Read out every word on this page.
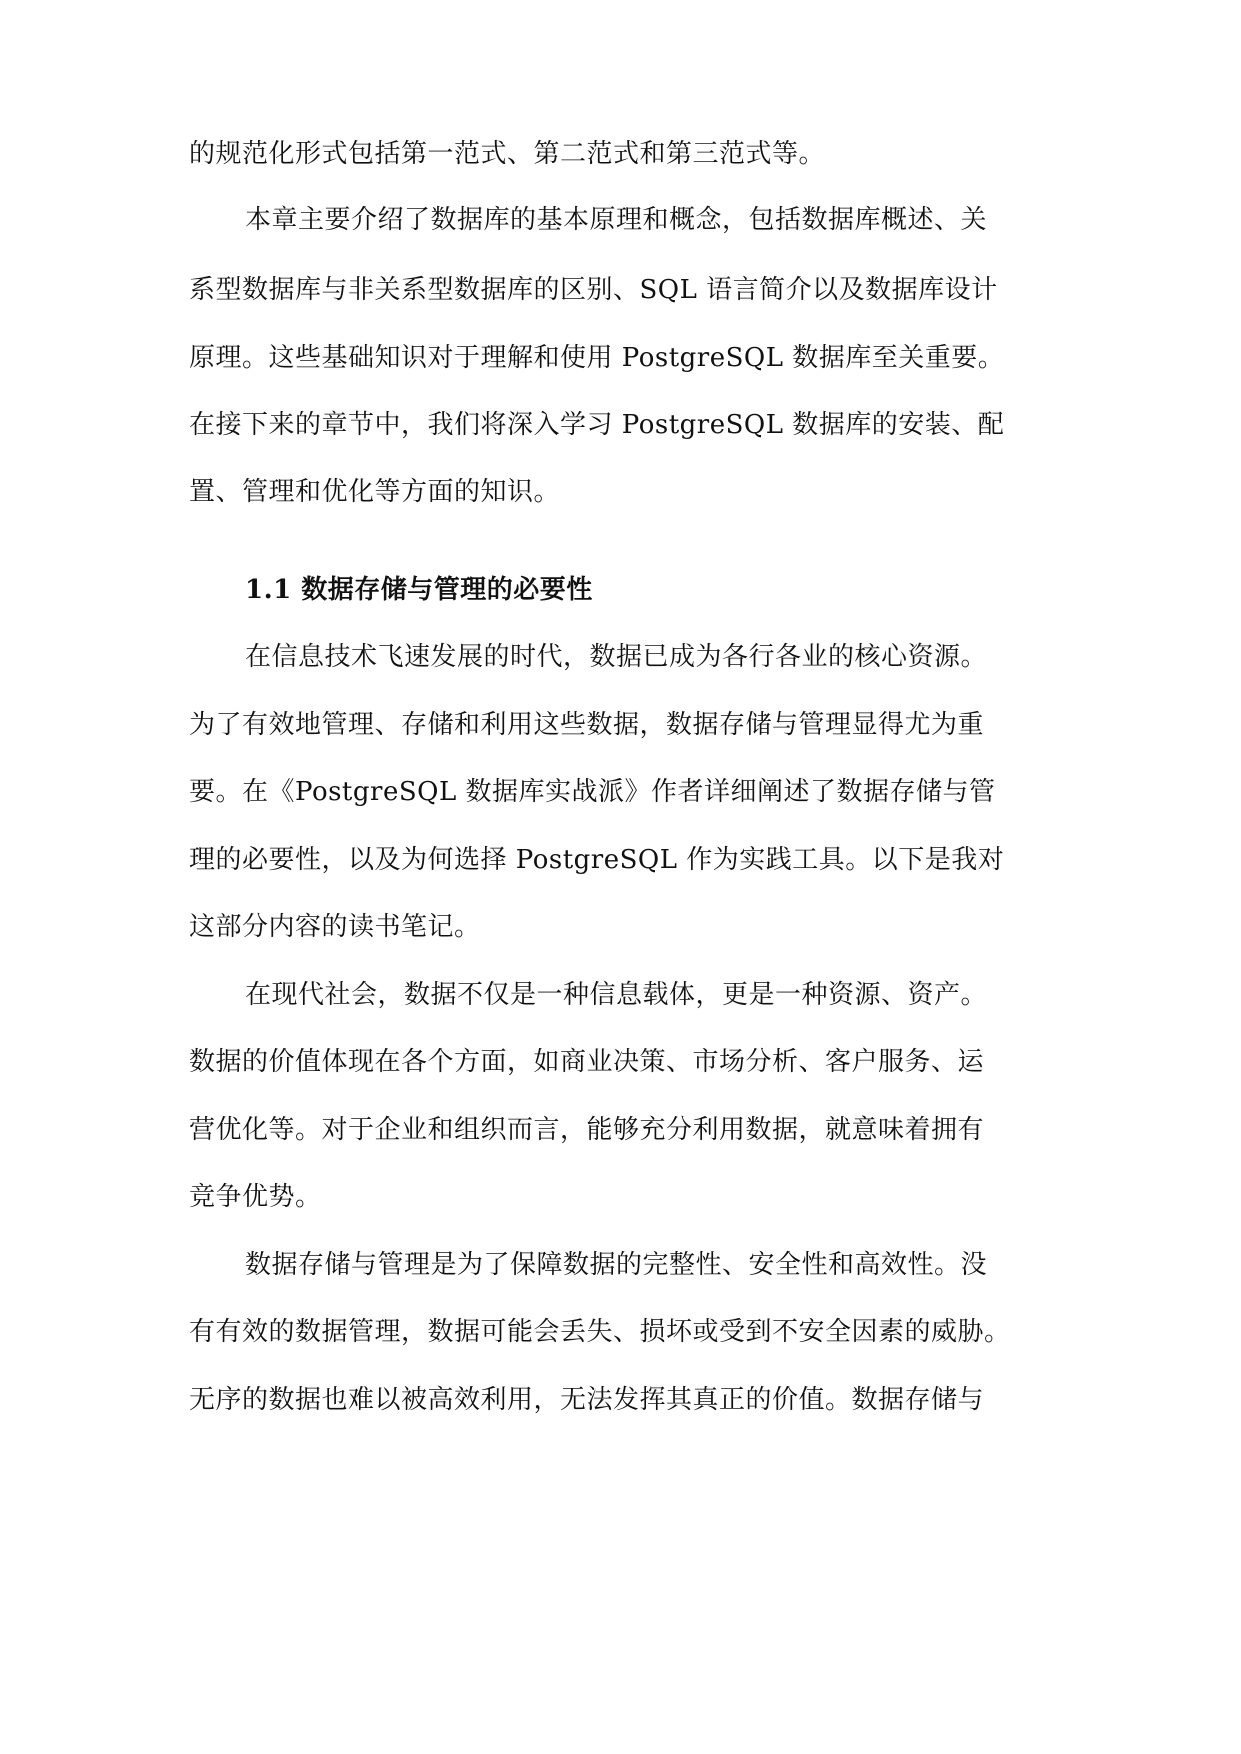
的规范化形式包括第一范式、第二范式和第三范式等。
本章主要介绍了数据库的基本原理和概念，包括数据库概述、关
系型数据库与非关系型数据库的区别、SQL 语言简介以及数据库设计
原理。这些基础知识对于理解和使用 PostgreSQL 数据库至关重要。
在接下来的章节中，我们将深入学习 PostgreSQL 数据库的安装、配
置、管理和优化等方面的知识。
1.1 数据存储与管理的必要性
在信息技术飞速发展的时代，数据已成为各行各业的核心资源。
为了有效地管理、存储和利用这些数据，数据存储与管理显得尤为重
要。在《PostgreSQL 数据库实战派》作者详细阐述了数据存储与管
理的必要性，以及为何选择 PostgreSQL 作为实践工具。以下是我对
这部分内容的读书笔记。
在现代社会，数据不仅是一种信息载体，更是一种资源、资产。
数据的价值体现在各个方面，如商业决策、市场分析、客户服务、运
营优化等。对于企业和组织而言，能够充分利用数据，就意味着拥有
竞争优势。
数据存储与管理是为了保障数据的完整性、安全性和高效性。没
有有效的数据管理，数据可能会丢失、损坏或受到不安全因素的威胁。
无序的数据也难以被高效利用，无法发挥其真正的价值。数据存储与
